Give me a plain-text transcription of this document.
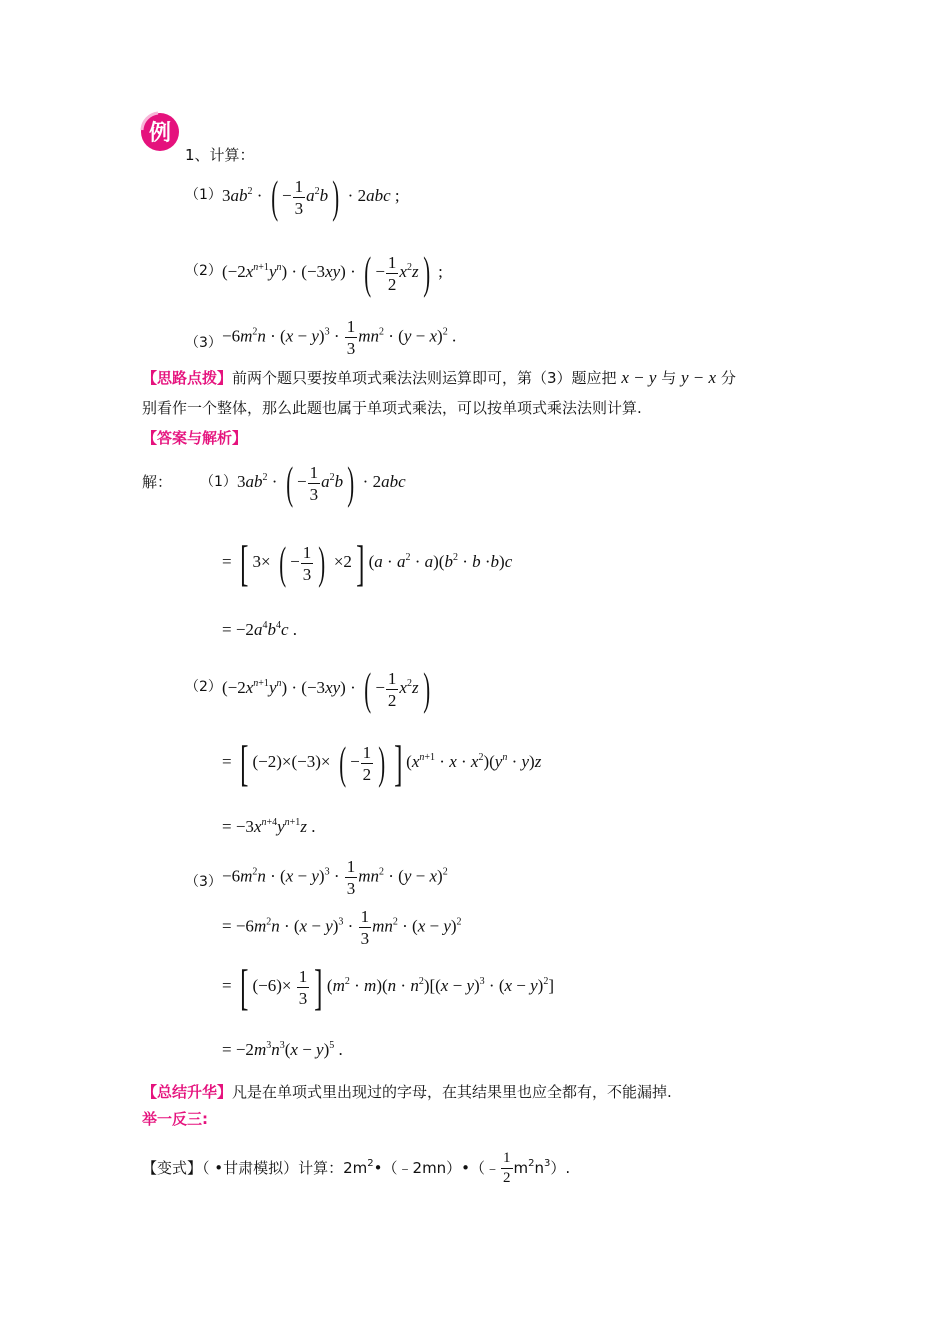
例
1、计算：
（1） $3ab^2$ · ( − $\frac{1}{3} a^2b) \cdot 2abc$ ;
（2） $(-2x^{n+1}y^n) \cdot (-3xy)$ · ( − $\frac{1}{2} x^2z$) ;
$(3) -6m^2n \cdot (x - y)^3 \cdot \frac{1}{3} mn^2 \cdot (y - x)^2$ .
【思路点拨】前两个题只要按单项式乘法法则运算即可，第（3）题应把 x − y 与 y − x 分
别看作一个整体，那么此题也属于单项式乘法，可以按单项式乘法法则计算.
【答案与解析】
解： （1） $3ab^2$ · ( − $\frac{1}{3} a^2b) \cdot 2abc$
= [ 3× ( − $\frac{1}{3}$ ) ×2] $(a \cdot a^2 \cdot a)(b^2 \cdot b \cdot b)c$
= $-2a^4b^4c$ .
（2） $(-2x^{n+1}y^n) \cdot (-3xy)$ · ( − $\frac{1}{2} x^2z$)
= [ (−2)×(−3)× ( − $\frac{1}{2}$ ) ] $(x^{n+1} \cdot x \cdot x^2)(y^n \cdot y)z$
= $-3x^{n+4}y^{n+1}z$ .
$(3) -6m^2n \cdot (x - y)^3 \cdot \frac{1}{3} mn^2 \cdot (y - x)^2$
= $-6m^2n \cdot (x - y)^3 \cdot \frac{1}{3} mn^2 \cdot (x - y)^2$
= [ $(-6)\times \frac{1}{3}$ ] $(m^2 \cdot m)(n \cdot n^2)[(x - y)^3 \cdot (x - y)^2]$
= $-2m^3n^3(x - y)^5$ .
【总结升华】凡是在单项式里出现过的字母，在其结果里也应全都有，不能漏掉.
举一反三:
【变式】（ •甘肃模拟）计算：$2m^2•(﹣2mn)•(﹣ \frac{1}{2} m^2n^3)$.
